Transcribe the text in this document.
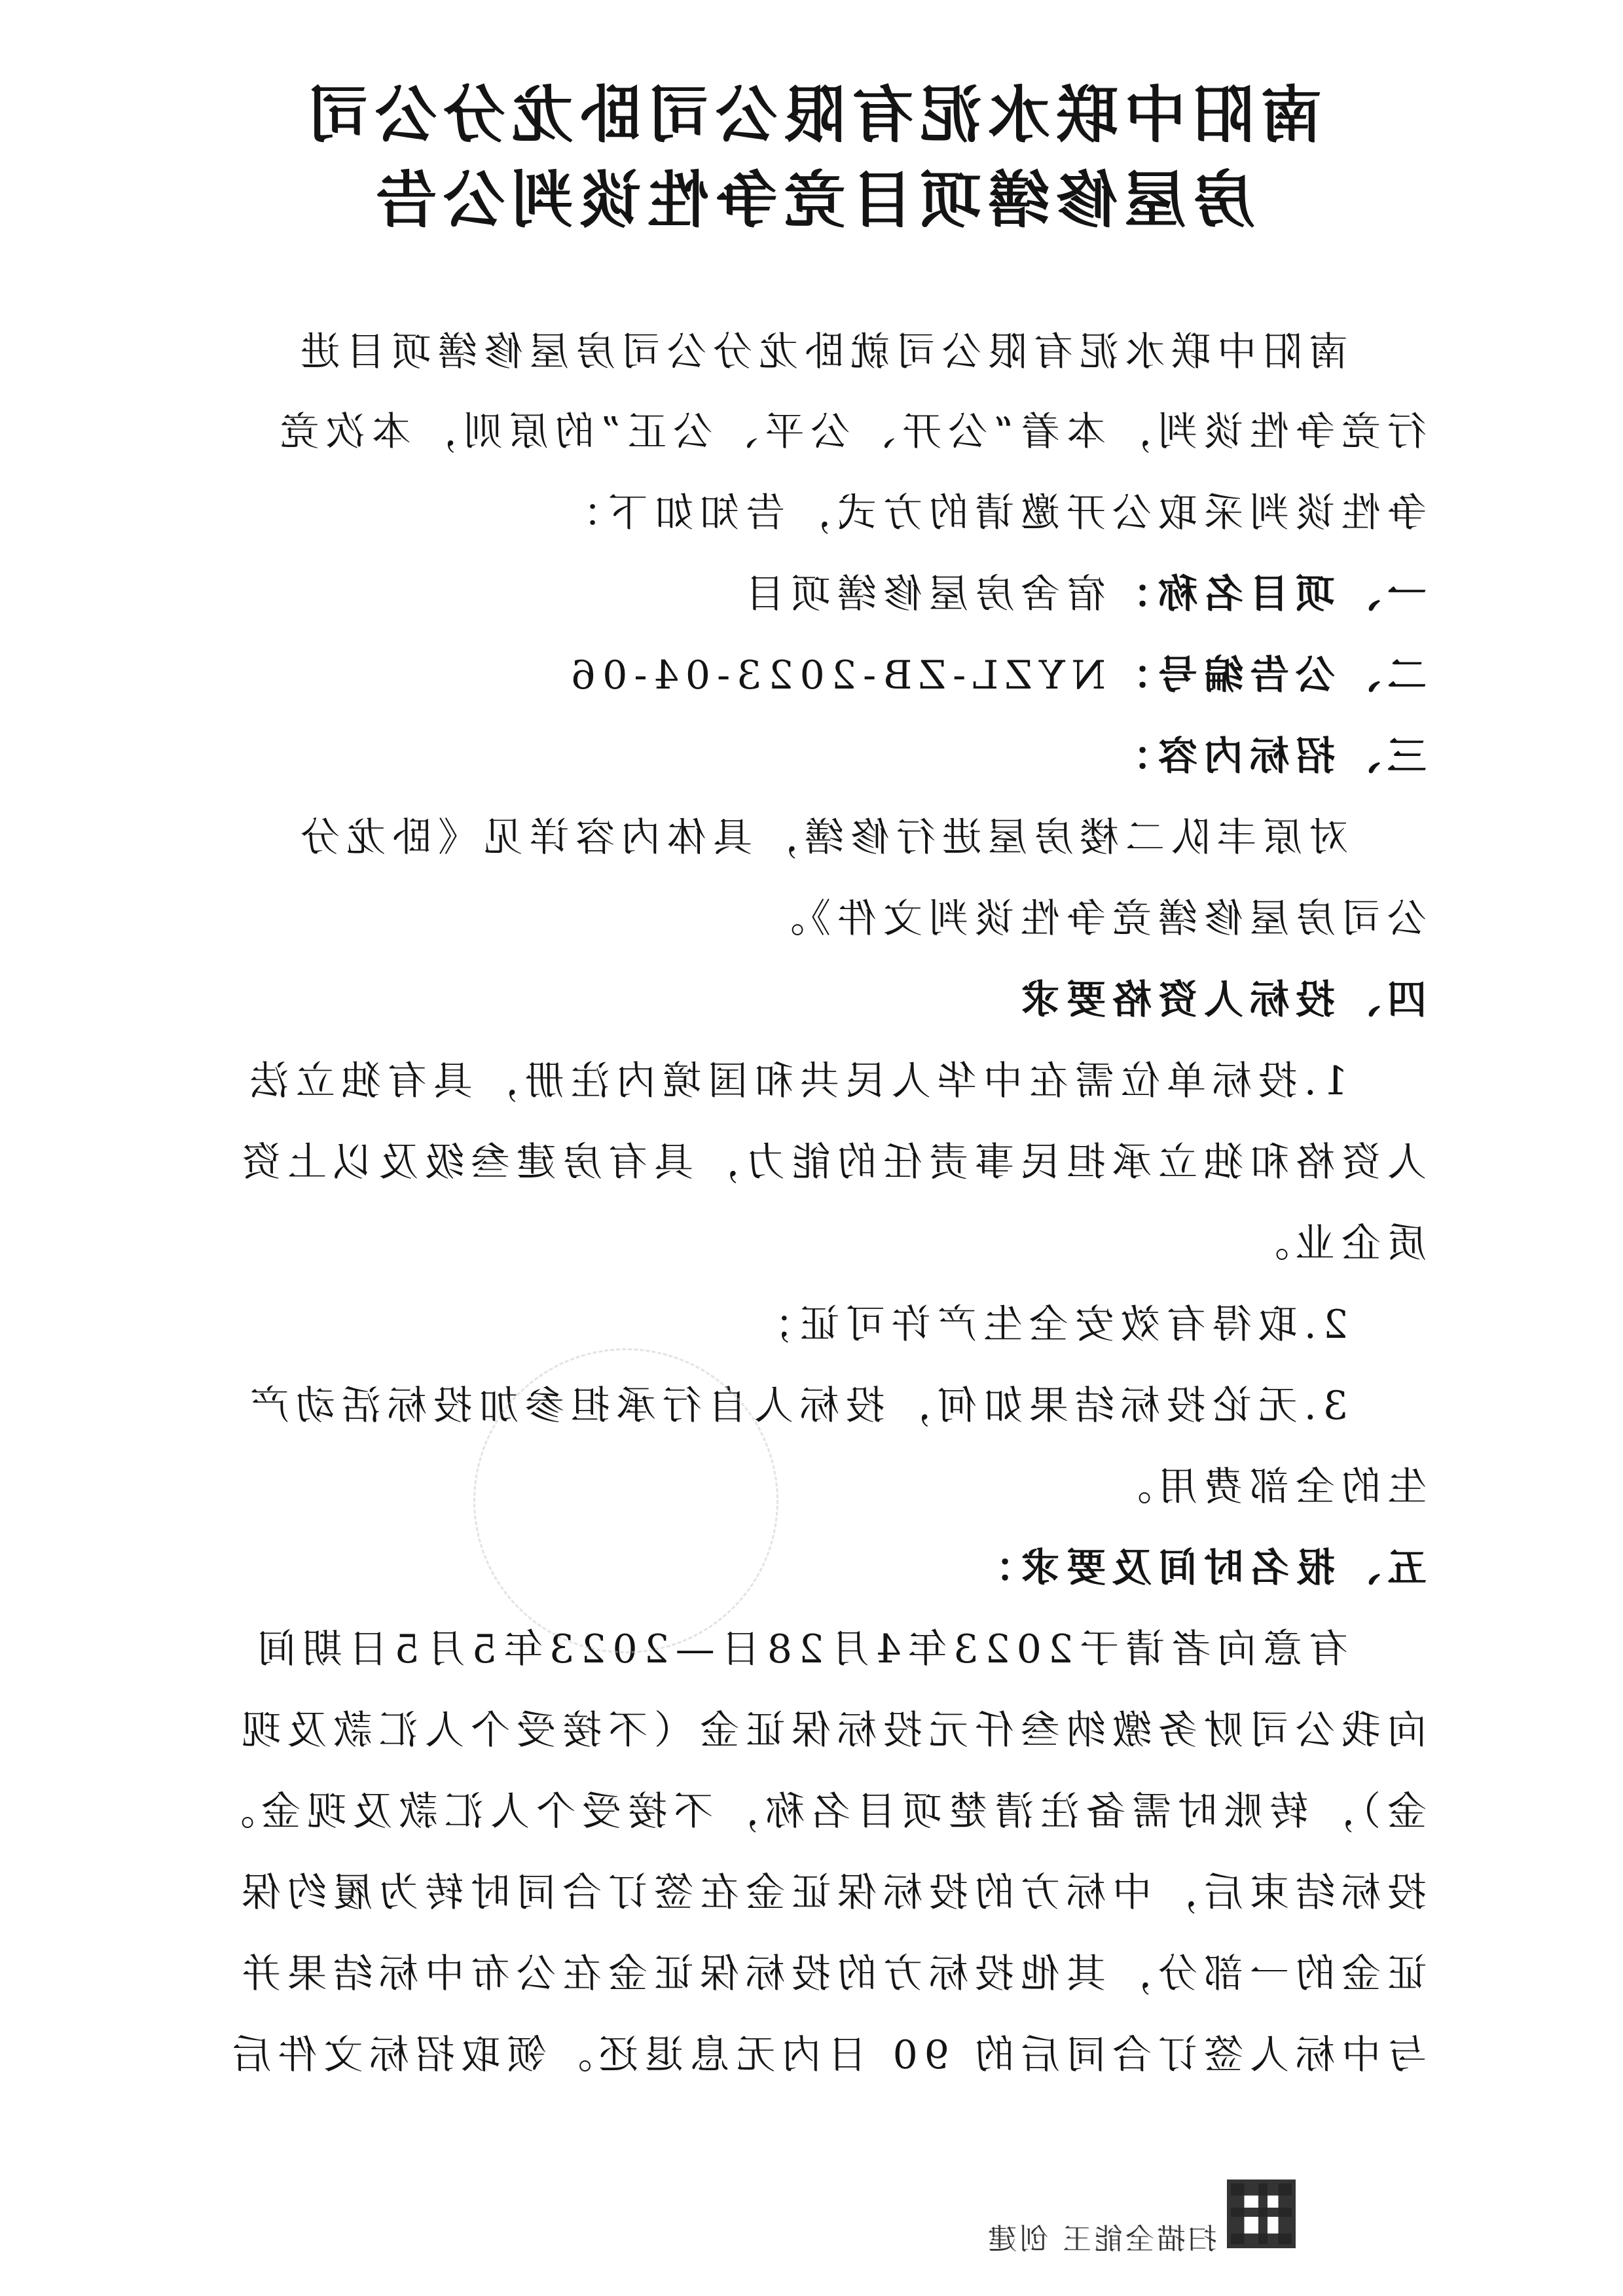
南阳中联水泥有限公司卧龙分公司
房屋修缮项目竞争性谈判公告
南阳中联水泥有限公司就卧龙分公司房屋修缮项目进
行竞争性谈判，本着“公开、公平、公正”的原则，本次竞
争性谈判采取公开邀请的方式，告知如下：
一、项目名称：宿舍房屋修缮项目
二、公告编号：NYZL-ZB-2023-04-06
三、招标内容：
对原丰队二楼房屋进行修缮，具体内容详见《卧龙分
公司房屋修缮竞争性谈判文件》。
四、投标人资格要求
1.投标单位需在中华人民共和国境内注册，具有独立法
人资格和独立承担民事责任的能力，具有房建叁级及以上资
质企业。
2.取得有效安全生产许可证；
3.无论投标结果如何，投标人自行承担参加投标活动产
生的全部费用。
五、报名时间及要求：
有意向者请于2023年4月28日—2023年5月5日期间
向我公司财务缴纳叁仟元投标保证金（不接受个人汇款及现
金），转账时需备注清楚项目名称，不接受个人汇款及现金。
投标结束后，中标方的投标保证金在签订合同时转为履约保
证金的一部分，其他投标方的投标保证金在公布中标结果并
与中标人签订合同后的 90 日内无息退还。领取招标文件后
扫描全能王 创建
